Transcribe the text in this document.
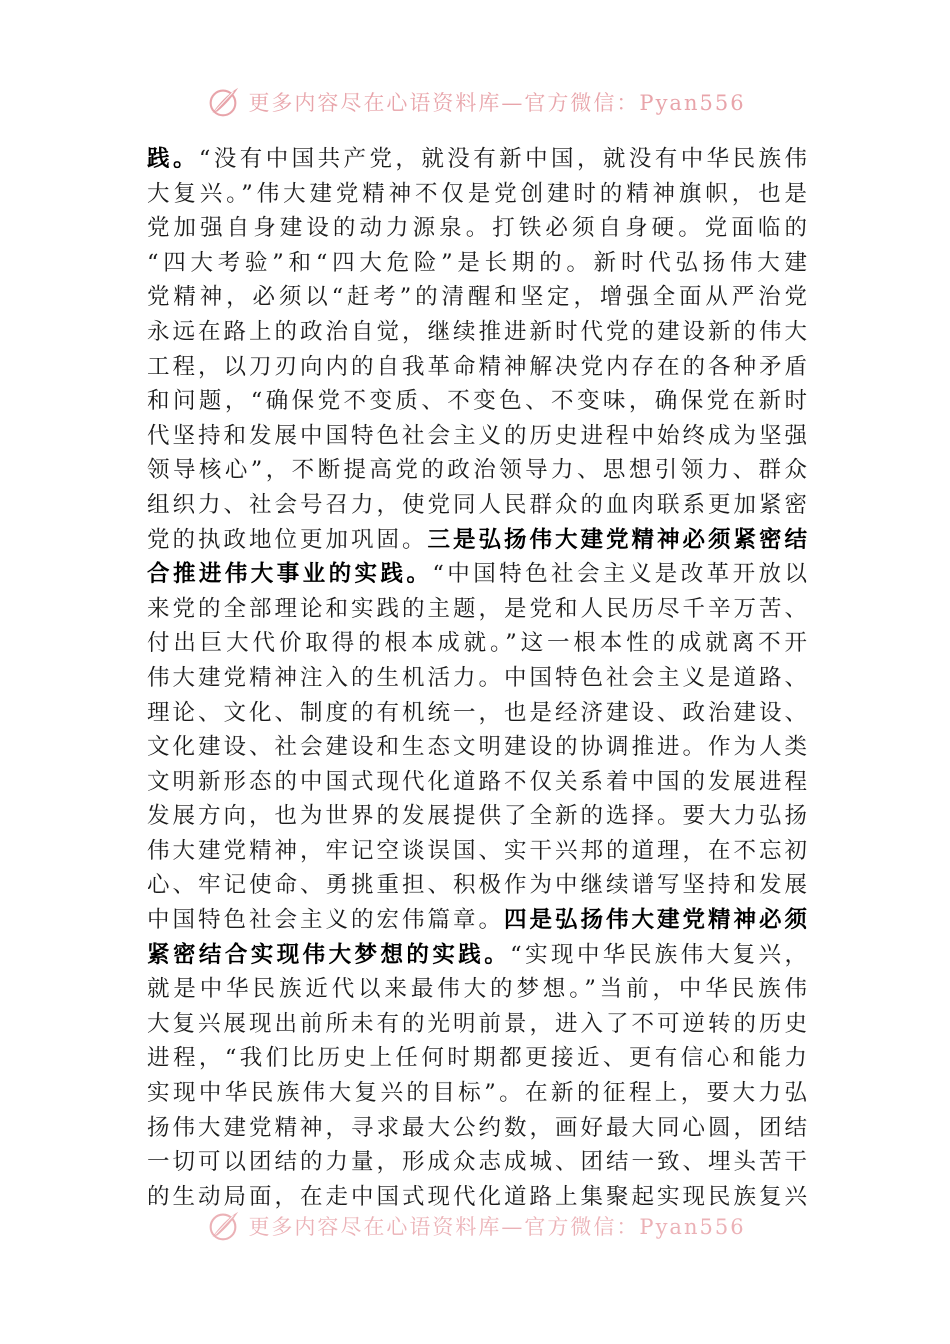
更多内容尽在心语资料库—官方微信：Pyan556
践。“没有中国共产党，就没有新中国，就没有中华民族伟
大复兴。”伟大建党精神不仅是党创建时的精神旗帜，也是
党加强自身建设的动力源泉。打铁必须自身硬。党面临的
“四大考验”和“四大危险”是长期的。新时代弘扬伟大建
党精神，必须以“赶考”的清醒和坚定，增强全面从严治党
永远在路上的政治自觉，继续推进新时代党的建设新的伟大
工程，以刀刃向内的自我革命精神解决党内存在的各种矛盾
和问题，“确保党不变质、不变色、不变味，确保党在新时
代坚持和发展中国特色社会主义的历史进程中始终成为坚强
领导核心”，不断提高党的政治领导力、思想引领力、群众
组织力、社会号召力，使党同人民群众的血肉联系更加紧密
党的执政地位更加巩固。三是弘扬伟大建党精神必须紧密结
合推进伟大事业的实践。“中国特色社会主义是改革开放以
来党的全部理论和实践的主题，是党和人民历尽千辛万苦、
付出巨大代价取得的根本成就。”这一根本性的成就离不开
伟大建党精神注入的生机活力。中国特色社会主义是道路、
理论、文化、制度的有机统一，也是经济建设、政治建设、
文化建设、社会建设和生态文明建设的协调推进。作为人类
文明新形态的中国式现代化道路不仅关系着中国的发展进程
发展方向，也为世界的发展提供了全新的选择。要大力弘扬
伟大建党精神，牢记空谈误国、实干兴邦的道理，在不忘初
心、牢记使命、勇挑重担、积极作为中继续谱写坚持和发展
中国特色社会主义的宏伟篇章。四是弘扬伟大建党精神必须
紧密结合实现伟大梦想的实践。“实现中华民族伟大复兴，
就是中华民族近代以来最伟大的梦想。”当前，中华民族伟
大复兴展现出前所未有的光明前景，进入了不可逆转的历史
进程，“我们比历史上任何时期都更接近、更有信心和能力
实现中华民族伟大复兴的目标”。在新的征程上，要大力弘
扬伟大建党精神，寻求最大公约数，画好最大同心圆，团结
一切可以团结的力量，形成众志成城、团结一致、埋头苦干
的生动局面，在走中国式现代化道路上集聚起实现民族复兴
更多内容尽在心语资料库—官方微信：Pyan556
